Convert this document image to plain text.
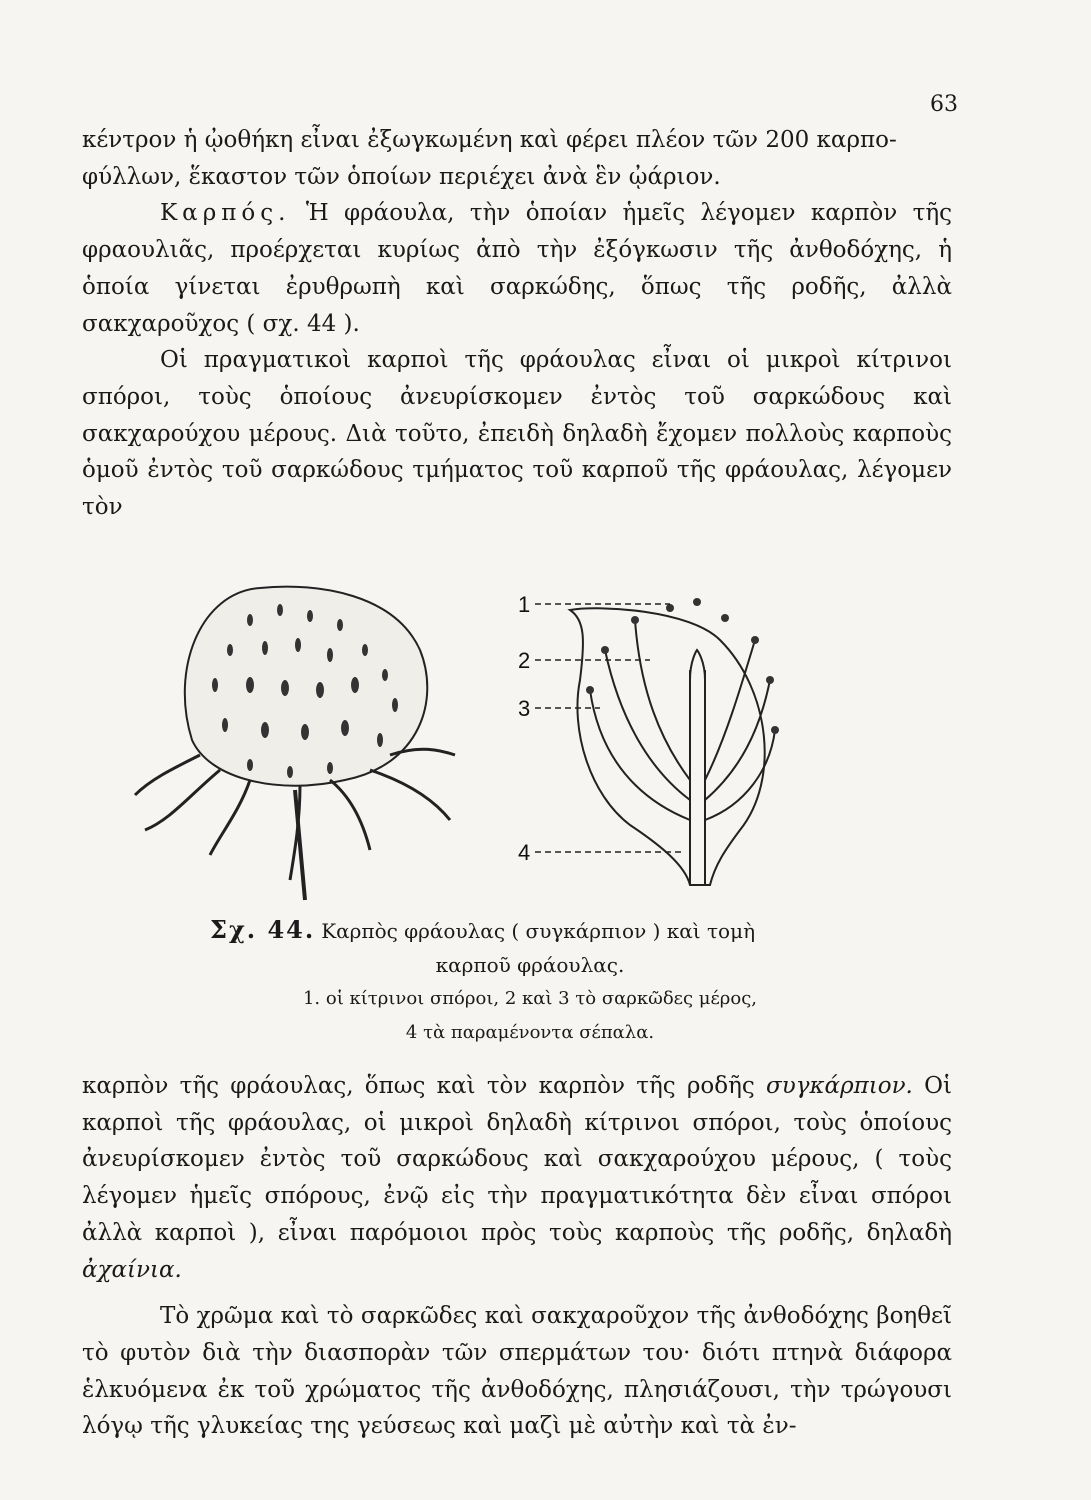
63

κέντρον ἡ ᾠοθήκη εἶναι ἐξωγκωμένη καὶ φέρει πλέον τῶν 200 καρπο-
φύλλων, ἕκαστον τῶν ὁποίων περιέχει ἀνὰ ἓν ᾠάριον.

Καρπός. Ἡ φράουλα, τὴν ὁποίαν ἡμεῖς λέγομεν καρπὸν τῆς φραουλιᾶς, προέρχεται κυρίως ἀπὸ τὴν ἐξόγκωσιν τῆς ἀνθοδόχης, ἡ ὁποία γίνεται ἐρυθρωπὴ καὶ σαρκώδης, ὅπως τῆς ροδῆς, ἀλλὰ σακχαροῦχος ( σχ. 44 ).

Οἱ πραγματικοὶ καρποὶ τῆς φράουλας εἶναι οἱ μικροὶ κίτρινοι σπόροι, τοὺς ὁποίους ἀνευρίσκομεν ἐντὸς τοῦ σαρκώδους καὶ σακχαρούχου μέρους. Διὰ τοῦτο, ἐπειδὴ δηλαδὴ ἔχομεν πολλοὺς καρποὺς ὁμοῦ ἐντὸς τοῦ σαρκώδους τμήματος τοῦ καρποῦ τῆς φράουλας, λέγομεν τὸν

1
2
3
4
Σχ. 44. Καρπὸς φράουλας ( συγκάρπιον ) καὶ τομὴ
καρποῦ φράουλας.
1. οἱ κίτρινοι σπόροι, 2 καὶ 3 τὸ σαρκῶδες μέρος,
4 τὰ παραμένοντα σέπαλα.

καρπὸν τῆς φράουλας, ὅπως καὶ τὸν καρπὸν τῆς ροδῆς συγκάρπιον. Οἱ καρποὶ τῆς φράουλας, οἱ μικροὶ δηλαδὴ κίτρινοι σπόροι, τοὺς ὁποίους ἀνευρίσκομεν ἐντὸς τοῦ σαρκώδους καὶ σακχαρούχου μέρους, ( τοὺς λέγομεν ἡμεῖς σπόρους, ἐνῷ εἰς τὴν πραγματικότητα δὲν εἶναι σπόροι ἀλλὰ καρποὶ ), εἶναι παρόμοιοι πρὸς τοὺς καρποὺς τῆς ροδῆς, δηλαδὴ ἀχαίνια.

Τὸ χρῶμα καὶ τὸ σαρκῶδες καὶ σακχαροῦχον τῆς ἀνθοδόχης βοηθεῖ τὸ φυτὸν διὰ τὴν διασπορὰν τῶν σπερμάτων του· διότι πτηνὰ διάφορα ἑλκυόμενα ἐκ τοῦ χρώματος τῆς ἀνθοδόχης, πλησιάζουσι, τὴν τρώγουσι λόγῳ τῆς γλυκείας της γεύσεως καὶ μαζὶ μὲ αὐτὴν καὶ τὰ ἐν-
